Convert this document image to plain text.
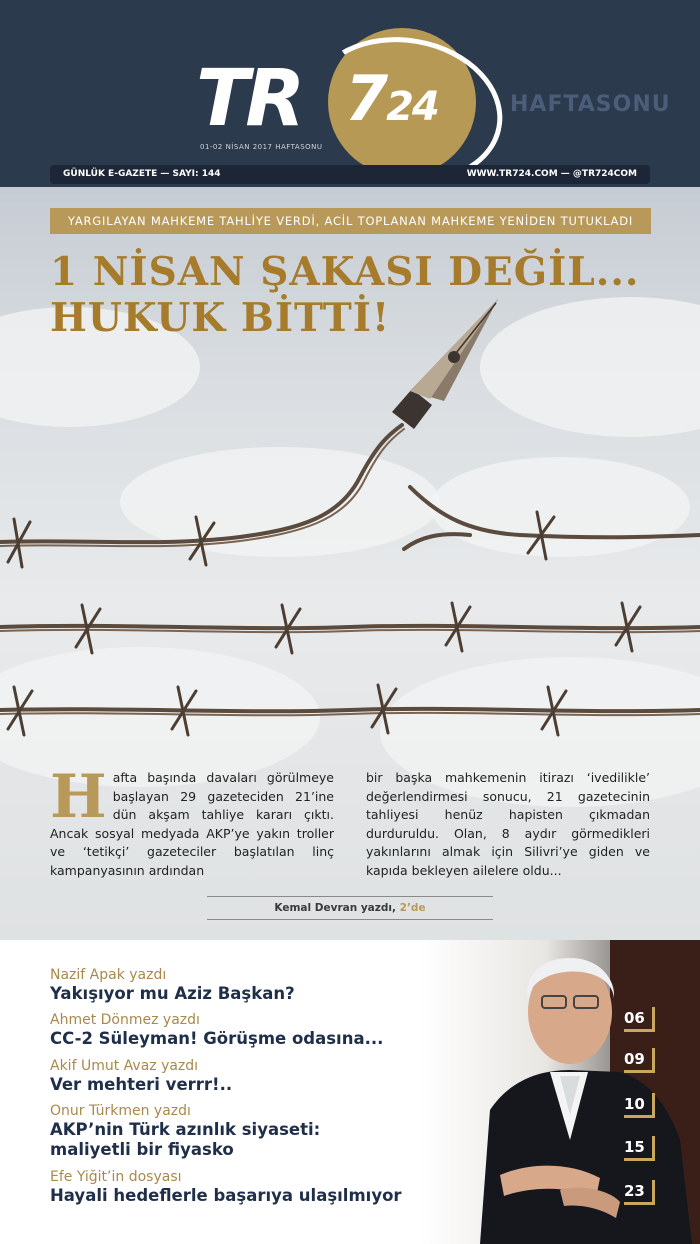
TR 724	HAFTASONU
01-02 NİSAN 2017 HAFTASONU
GÜNLÜK E-GAZETE — SAYI: 144	WWW.TR724.COM — @TR724COM
YARGILAYAN MAHKEME TAHLİYE VERDİ, ACİL TOPLANAN MAHKEME YENİDEN TUTUKLADI
1 NİSAN ŞAKASI DEĞİL...
HUKUK BİTTİ!
Hafta başında davaları görülmeye başlayan 29 gazeteciden 21’ine dün akşam tahliye kararı çıktı. Ancak sosyal medyada AKP’ye yakın troller ve ‘tetikçi’ gazeteciler başlatılan linç kampanyasının ardından
bir başka mahkemenin itirazı ‘ivedilikle’ değerlendirmesi sonucu, 21 gazetecinin tahliyesi henüz hapisten çıkmadan durduruldu. Olan, 8 aydır görmedikleri yakınlarını almak için Silivri’ye giden ve kapıda bekleyen ailelere oldu...
Kemal Devran yazdı, 2’de
Nazif Apak yazdı
Yakışıyor mu Aziz Başkan?
Ahmet Dönmez yazdı
CC-2 Süleyman! Görüşme odasına...
Akif Umut Avaz yazdı
Ver mehteri verrr!..
Onur Türkmen yazdı
AKP’nin Türk azınlık siyaseti:
maliyetli bir fiyasko
Efe Yiğit’in dosyası
Hayali hedeflerle başarıya ulaşılmıyor
06
09
10
15
23
